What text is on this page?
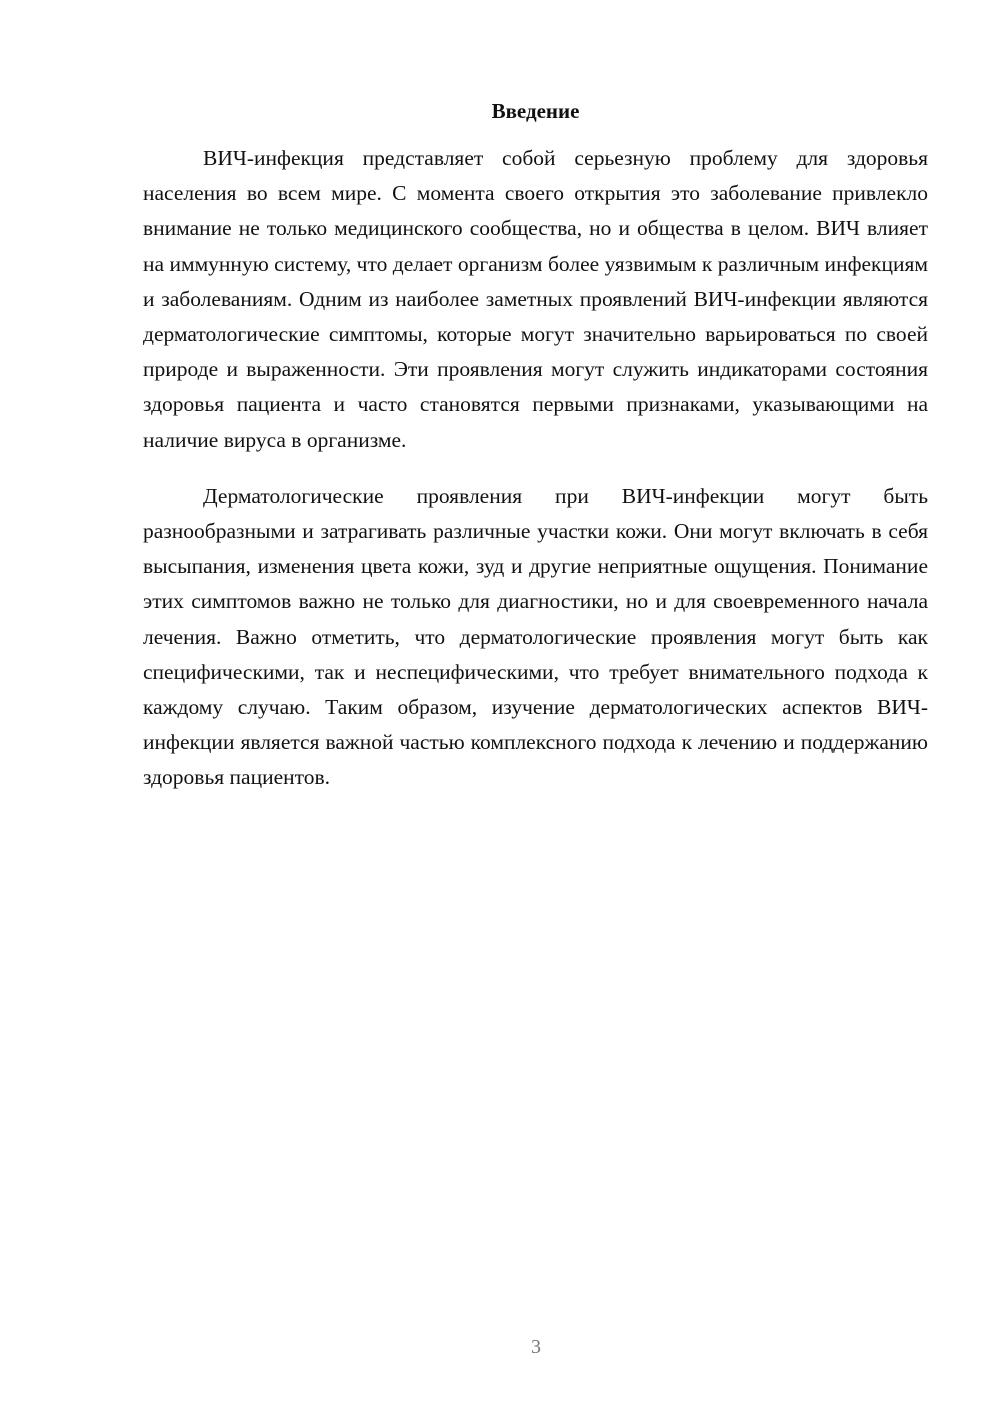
Введение

ВИЧ-инфекция представляет собой серьезную проблему для здоровья населения во всем мире. С момента своего открытия это заболевание привлекло внимание не только медицинского сообщества, но и общества в целом. ВИЧ влияет на иммунную систему, что делает организм более уязвимым к различным инфекциям и заболеваниям. Одним из наиболее заметных проявлений ВИЧ-инфекции являются дерматологические симптомы, которые могут значительно варьироваться по своей природе и выраженности. Эти проявления могут служить индикаторами состояния здоровья пациента и часто становятся первыми признаками, указывающими на наличие вируса в организме.

Дерматологические проявления при ВИЧ-инфекции могут быть разнообразными и затрагивать различные участки кожи. Они могут включать в себя высыпания, изменения цвета кожи, зуд и другие неприятные ощущения. Понимание этих симптомов важно не только для диагностики, но и для своевременного начала лечения. Важно отметить, что дерматологические проявления могут быть как специфическими, так и неспецифическими, что требует внимательного подхода к каждому случаю. Таким образом, изучение дерматологических аспектов ВИЧ-инфекции является важной частью комплексного подхода к лечению и поддержанию здоровья пациентов.

3
